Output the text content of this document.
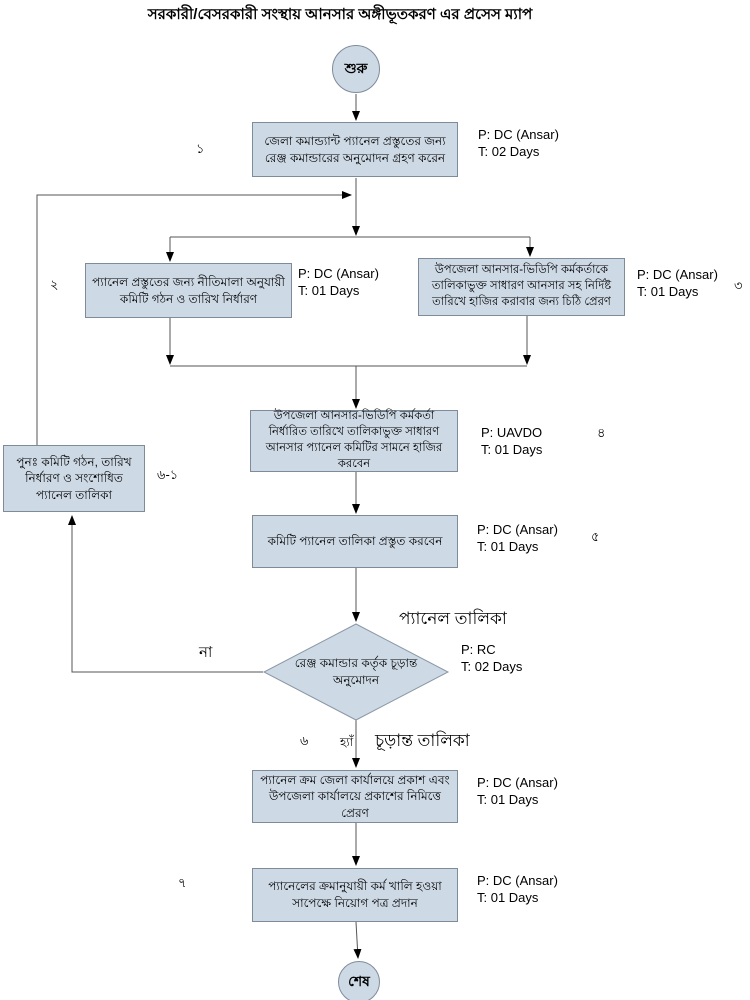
সরকারী/বেসরকারী সংস্থায় আনসার অঙ্গীভূতকরণ এর প্রসেস ম্যাপ
শুরু
জেলা কমান্ড্যান্ট প্যানেল প্রস্তুতের জন্য রেঞ্জ কমান্ডারের অনুমোদন গ্রহণ করেন
১
P: DC (Ansar)
T: 02 Days
প্যানেল প্রস্তুতের জন্য নীতিমালা অনুযায়ী কমিটি গঠন ও তারিখ নির্ধারণ
২
P: DC (Ansar)
T: 01 Days
উপজেলা আনসার-ভিডিপি কর্মকর্তাকে তালিকাভুক্ত সাধারণ আনসার সহ নির্দিষ্ট তারিখে হাজির করাবার জন্য চিঠি প্রেরণ
৩
P: DC (Ansar)
T: 01 Days
উপজেলা আনসার-ভিডিপি কর্মকর্তা নির্ধারিত তারিখে তালিকাভুক্ত সাধারণ আনসার প্যানেল কমিটির সামনে হাজির করবেন
৪
P: UAVDO
T: 01 Days
পুনঃ কমিটি গঠন, তারিখ নির্ধারণ ও সংশোধিত প্যানেল তালিকা
৬-১
কমিটি প্যানেল তালিকা প্রস্তুত করবেন	৫
P: DC (Ansar)
T: 01 Days
প্যানেল তালিকা
রেঞ্জ কমান্ডার কর্তৃক চূড়ান্ত অনুমোদন
P: RC
T: 02 Days
না
৬	হ্যাঁ চূড়ান্ত তালিকা
প্যানেল ক্রম জেলা কার্যালয়ে প্রকাশ এবং উপজেলা কার্যালয়ে প্রকাশের নিমিত্তে প্রেরণ
P: DC (Ansar)
T: 01 Days
প্যানেলের ক্রমানুযায়ী কর্ম খালি হওয়া সাপেক্ষে নিয়োগ পত্র প্রদান
৭	P: DC (Ansar)
T: 01 Days
শেষ
